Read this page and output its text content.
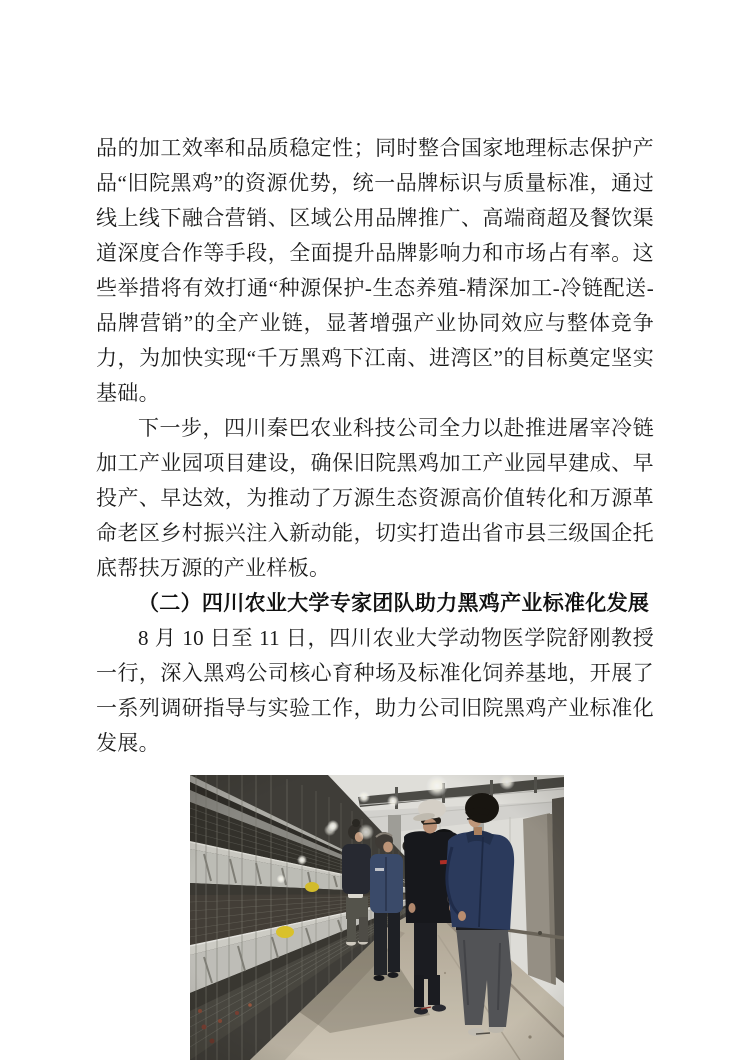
品的加工效率和品质稳定性；同时整合国家地理标志保护产品“旧院黑鸡”的资源优势，统一品牌标识与质量标准，通过线上线下融合营销、区域公用品牌推广、高端商超及餐饮渠道深度合作等手段，全面提升品牌影响力和市场占有率。这些举措将有效打通“种源保护-生态养殖-精深加工-冷链配送-品牌营销”的全产业链，显著增强产业协同效应与整体竞争力，为加快实现“千万黑鸡下江南、进湾区”的目标奠定坚实基础。

下一步，四川秦巴农业科技公司全力以赴推进屠宰冷链加工产业园项目建设，确保旧院黑鸡加工产业园早建成、早投产、早达效，为推动了万源生态资源高价值转化和万源革命老区乡村振兴注入新动能，切实打造出省市县三级国企托底帮扶万源的产业样板。

（二）四川农业大学专家团队助力黑鸡产业标准化发展

8 月 10 日至 11 日，四川农业大学动物医学院舒刚教授一行，深入黑鸡公司核心育种场及标准化饲养基地，开展了一系列调研指导与实验工作，助力公司旧院黑鸡产业标准化发展。
